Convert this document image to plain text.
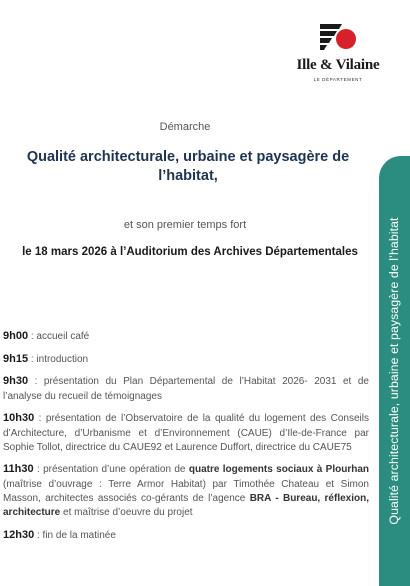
Ille & Vilaine
LE DÉPARTEMENT
Démarche
Qualité architecturale, urbaine et paysagère de l’habitat,
et son premier temps fort
le 18 mars 2026 à l’Auditorium des Archives Départementales
9h00 : accueil café
9h15 : introduction
9h30 : présentation du Plan Départemental de l’Habitat 2026- 2031 et de l’analyse du recueil de témoignages
10h30 : présentation de l’Observatoire de la qualité du logement des Conseils d’Architecture, d’Urbanisme et d’Environnement (CAUE) d’Ile-de-France par Sophie Tollot, directrice du CAUE92 et Laurence Duffort, directrice du CAUE75
11h30 : présentation d’une opération de quatre logements sociaux à Plourhan (maîtrise d’ouvrage : Terre Armor Habitat) par Timothée Chateau et Simon Masson, architectes associés co-gérants de l’agence BRA - Bureau, réflexion, architecture et maîtrise d’oeuvre du projet
12h30 : fin de la matinée
Qualité architecturale, urbaine et paysagère de l’habitat
